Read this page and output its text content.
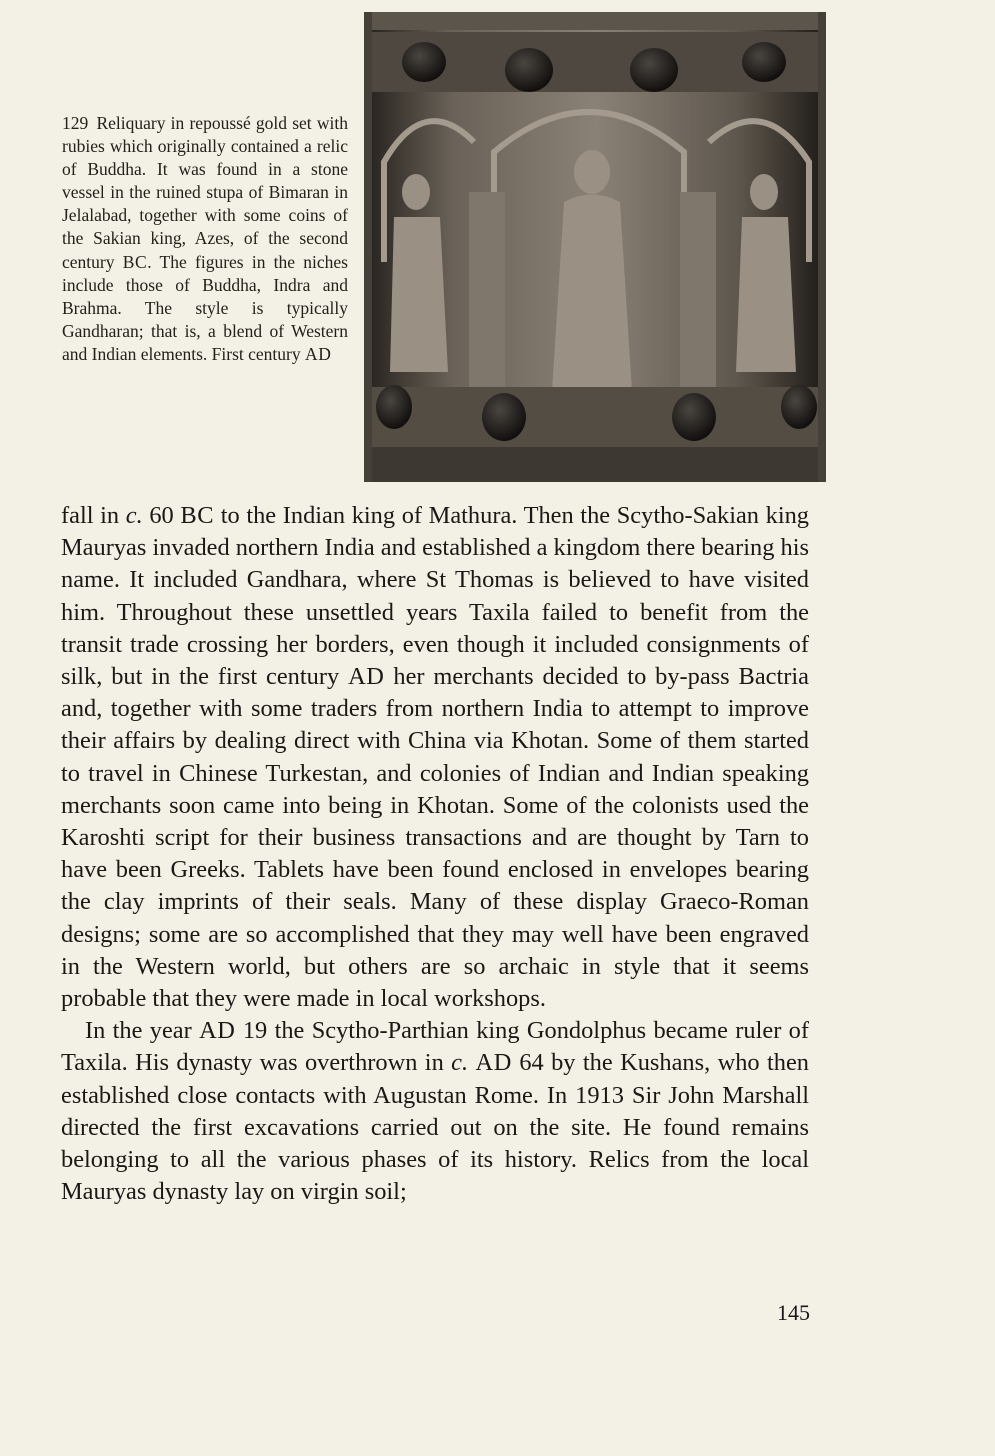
129 Reliquary in repoussé gold set with rubies which originally contained a relic of Buddha. It was found in a stone vessel in the ruined stupa of Bimaran in Jelalabad, together with some coins of the Sakian king, Azes, of the second century BC. The figures in the niches include those of Buddha, Indra and Brahma. The style is typically Gandharan; that is, a blend of Western and Indian elements. First century AD

fall in c. 60 BC to the Indian king of Mathura. Then the Scytho-Sakian king Mauryas invaded northern India and established a kingdom there bearing his name. It included Gandhara, where St Thomas is believed to have visited him. Throughout these unsettled years Taxila failed to benefit from the transit trade crossing her borders, even though it included consignments of silk, but in the first century AD her merchants decided to by-pass Bactria and, together with some traders from northern India to attempt to improve their affairs by dealing direct with China via Khotan. Some of them started to travel in Chinese Turkestan, and colonies of Indian and Indian speaking merchants soon came into being in Khotan. Some of the colonists used the Karoshti script for their business transactions and are thought by Tarn to have been Greeks. Tablets have been found enclosed in envelopes bearing the clay imprints of their seals. Many of these display Graeco-Roman designs; some are so accomplished that they may well have been engraved in the Western world, but others are so archaic in style that it seems probable that they were made in local workshops.

In the year AD 19 the Scytho-Parthian king Gondolphus became ruler of Taxila. His dynasty was overthrown in c. AD 64 by the Kushans, who then established close contacts with Augustan Rome. In 1913 Sir John Marshall directed the first excavations carried out on the site. He found remains belonging to all the various phases of its history. Relics from the local Mauryas dynasty lay on virgin soil;

145
